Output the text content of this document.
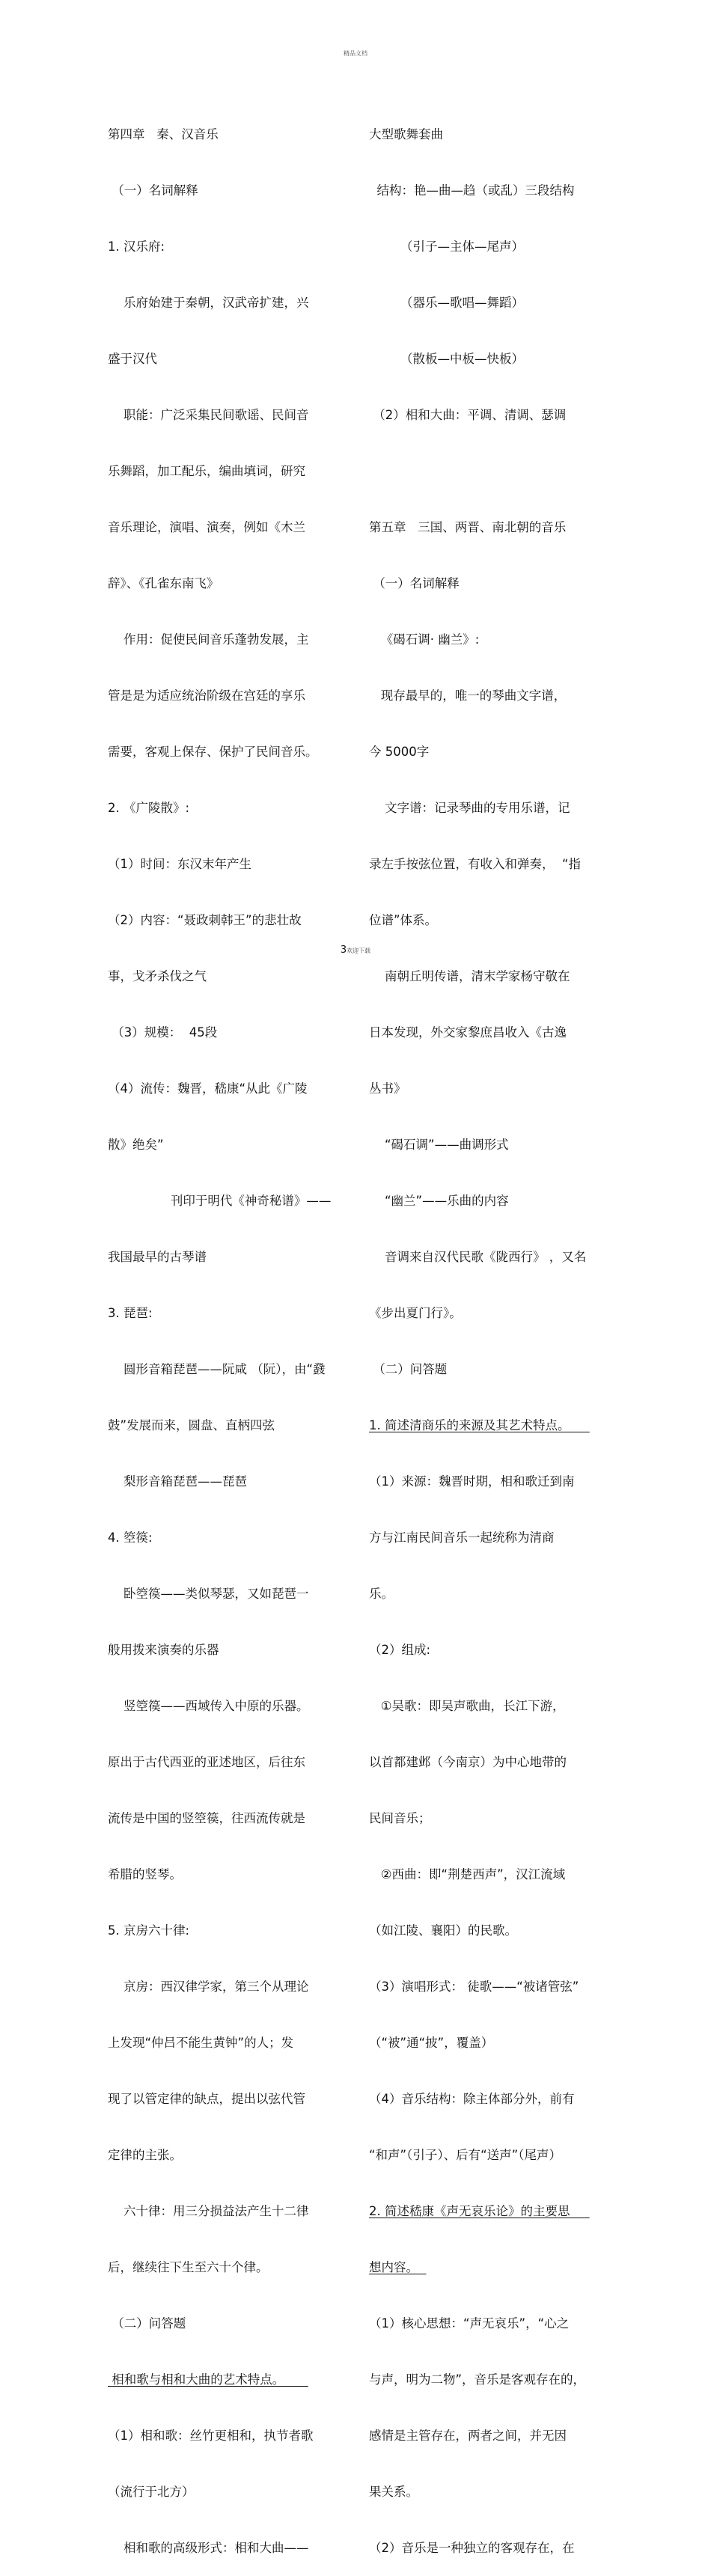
精品文档

第四章   秦、汉音乐

（一）名词解释

1. 汉乐府:

乐府始建于秦朝，汉武帝扩建，兴

盛于汉代

职能：广泛采集民间歌谣、民间音

乐舞蹈，加工配乐，编曲填词，研究

音乐理论，演唱、演奏，例如《木兰

辞》、《孔雀东南飞》

作用：促使民间音乐蓬勃发展，主

管是是为适应统治阶级在宫廷的享乐

需要，客观上保存、保护了民间音乐。

2. 《广陵散》:

（1）时间：东汉末年产生

（2）内容：“聂政刺韩王”的悲壮故

事，戈矛杀伐之气

（3）规模：  45段

（4）流传：魏晋，嵇康“从此《广陵

散》绝矣”

刊印于明代《神奇秘谱》——

我国最早的古琴谱

3. 琵琶:

圆形音箱琵琶——阮咸 （阮），由“鼗

鼓”发展而来，圆盘、直柄四弦

梨形音箱琵琶——琵琶

4. 箜篌:

卧箜篌——类似琴瑟，又如琵琶一

般用拨来演奏的乐器

竖箜篌——西域传入中原的乐器。

原出于古代西亚的亚述地区，后往东

流传是中国的竖箜篌，往西流传就是

希腊的竖琴。

5. 京房六十律:

京房：西汉律学家，第三个从理论

上发现“仲吕不能生黄钟”的人；发

现了以管定律的缺点，提出以弦代管

定律的主张。

六十律：用三分损益法产生十二律

后，继续往下生至六十个律。

（二）问答题

相和歌与相和大曲的艺术特点。

（1）相和歌：丝竹更相和，执节者歌

（流行于北方）

相和歌的高级形式：相和大曲——

大型歌舞套曲

结构：艳—曲—趋（或乱）三段结构

（引子—主体—尾声）

（器乐—歌唱—舞蹈）

（散板—中板—快板）

（2）相和大曲：平调、清调、瑟调

第五章   三国、两晋、南北朝的音乐

（一）名词解释

《碣石调· 幽兰》:

现存最早的，唯一的琴曲文字谱，

今 5000字

文字谱：记录琴曲的专用乐谱，记

录左手按弦位置，有收入和弹奏，  “指

位谱”体系。

南朝丘明传谱，清末学家杨守敬在

日本发现，外交家黎庶昌收入《古逸

丛书》

“碣石调”——曲调形式

“幽兰”——乐曲的内容

音调来自汉代民歌《陇西行》 ，又名

《步出夏门行》。

（二）问答题

1. 简述清商乐的来源及其艺术特点。

（1）来源：魏晋时期，相和歌迁到南

方与江南民间音乐一起统称为清商

乐。

（2）组成:

①吴歌：即吴声歌曲，长江下游，

以首都建邺（今南京）为中心地带的

民间音乐；

②西曲：即“荆楚西声”，汉江流域

（如江陵、襄阳）的民歌。

（3）演唱形式： 徒歌——“被诸管弦”

（“被”通“披”，覆盖）

（4）音乐结构：除主体部分外，前有

“和声”（引子）、后有“送声”（尾声）

2. 简述嵇康《声无哀乐论》的主要思

想内容。

（1）核心思想：“声无哀乐”，“心之

与声，明为二物”，音乐是客观存在的，

感情是主管存在，两者之间，并无因

果关系。

（2）音乐是一种独立的客观存在，在

3欢迎下载
